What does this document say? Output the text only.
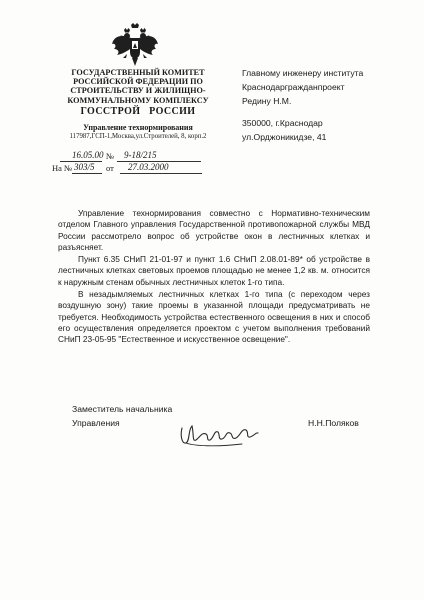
ГОСУДАРСТВЕННЫЙ КОМИТЕТ
РОССИЙСКОЙ ФЕДЕРАЦИИ ПО
СТРОИТЕЛЬСТВУ И ЖИЛИЩНО-
КОММУНАЛЬНОМУ КОМПЛЕКСУ
ГОССТРОЙ   РОССИИ
Управление технормирования
117987,ГСП-1,Москва,ул.Строителей, 8, корп.2
16.05.00 № 9-18/215
На № 303/5 от 27.03.2000
Главному инженеру института
Краснодаргражданпроект
Редину Н.М.
350000, г.Краснодар
ул.Орджоникидзе, 41

Управление технормирования совместно с Нормативно-техническим отделом Главного управления Государственной противопожарной службы МВД России рассмотрело вопрос об устройстве окон в лестничных клетках и разъясняет.

Пункт 6.35 СНиП 21-01-97 и пункт 1.6 СНиП 2.08.01-89* об устройстве в лестничных клетках световых проемов площадью не менее 1,2 кв. м. относится к наружным стенам обычных лестничных клеток 1-го типа.

В незадымляемых лестничных клетках 1-го типа (с переходом через воздушную зону) такие проемы в указанной площади предусматривать не требуется. Необходимость устройства естественного освещения в них и способ его осуществления определяется проектом с учетом выполнения требований СНиП 23-05-95 "Естественное и искусственное освещение".

Заместитель начальника
Управления	Н.Н.Поляков
